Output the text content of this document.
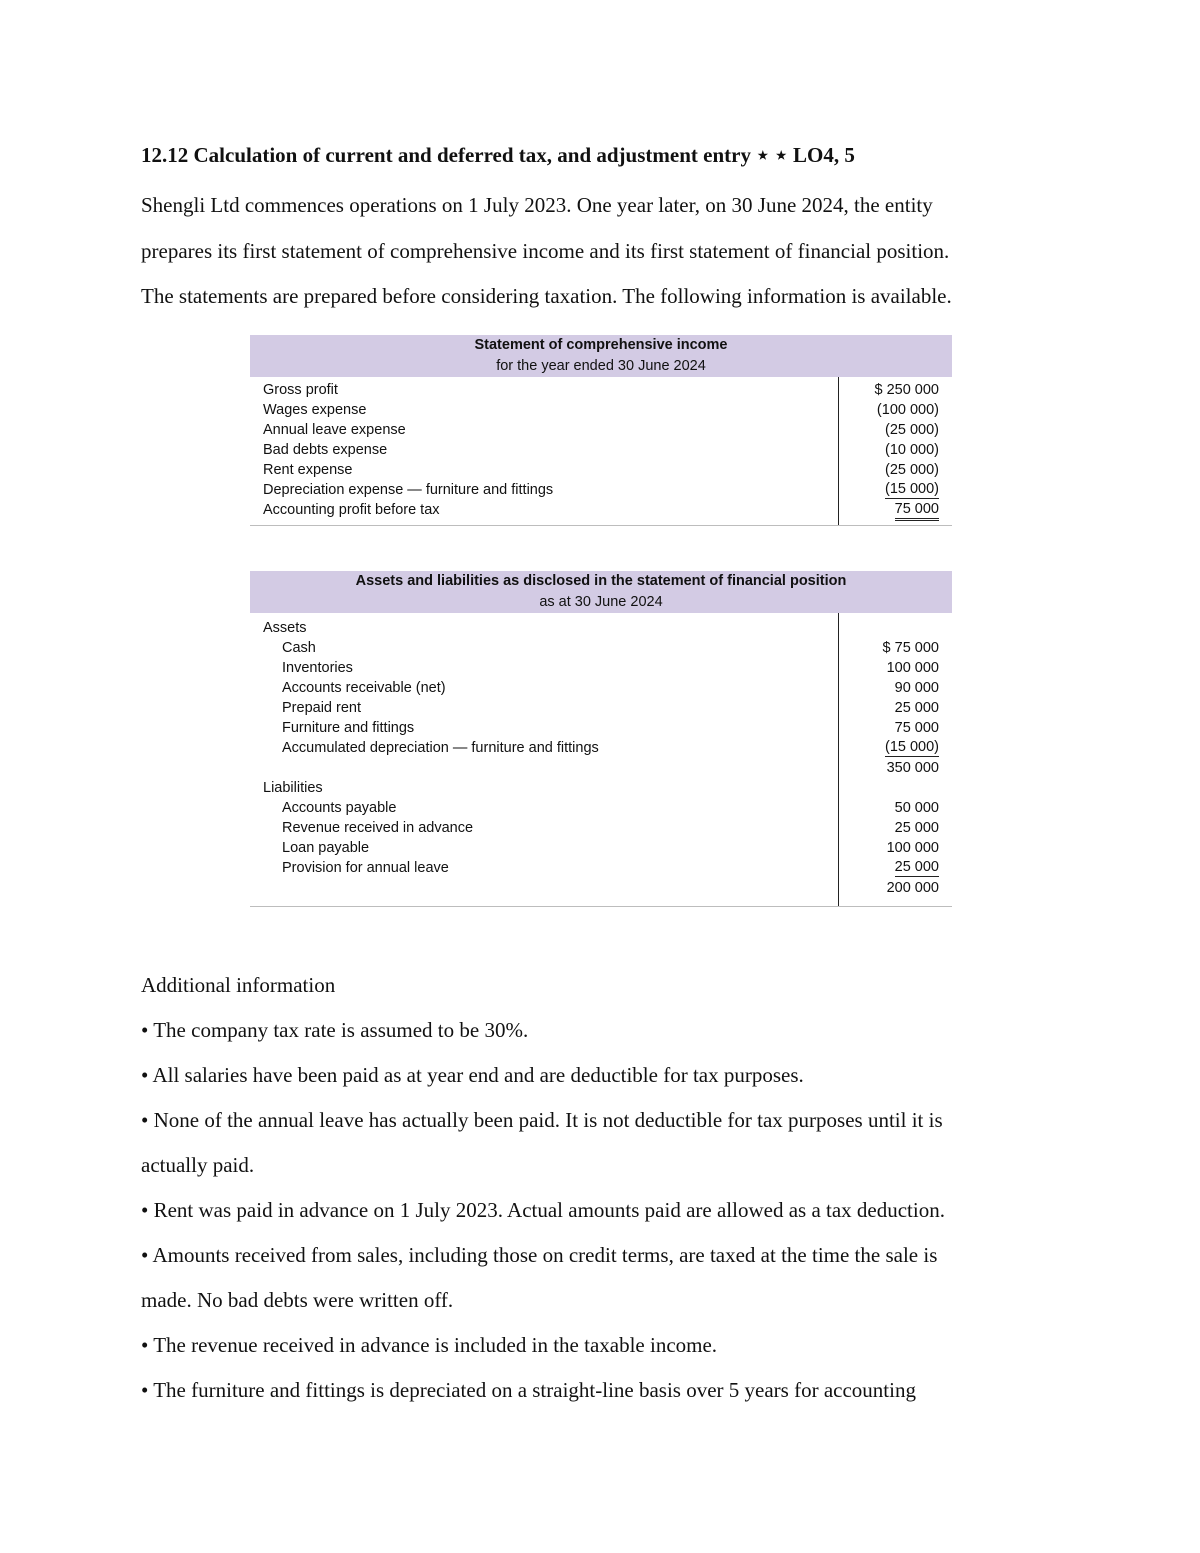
12.12 Calculation of current and deferred tax, and adjustment entry ⋆ ⋆ LO4, 5

Shengli Ltd commences operations on 1 July 2023. One year later, on 30 June 2024, the entity

prepares its first statement of comprehensive income and its first statement of financial position.

The statements are prepared before considering taxation. The following information is available.

Statement of comprehensive income
for the year ended 30 June 2024
Gross profit	$ 250 000
Wages expense	(100 000)
Annual leave expense	(25 000)
Bad debts expense	(10 000)
Rent expense	(25 000)
Depreciation expense — furniture and fittings	(15 000)
Accounting profit before tax	75 000
Assets and liabilities as disclosed in the statement of financial position
as at 30 June 2024
Assets
Cash	$ 75 000
Inventories	100 000
Accounts receivable (net)	90 000
Prepaid rent	25 000
Furniture and fittings	75 000
Accumulated depreciation — furniture and fittings	(15 000)
350 000
Liabilities
Accounts payable	50 000
Revenue received in advance	25 000
Loan payable	100 000
Provision for annual leave	25 000
200 000

Additional information

• The company tax rate is assumed to be 30%.

• All salaries have been paid as at year end and are deductible for tax purposes.

• None of the annual leave has actually been paid. It is not deductible for tax purposes until it is

actually paid.

• Rent was paid in advance on 1 July 2023. Actual amounts paid are allowed as a tax deduction.

• Amounts received from sales, including those on credit terms, are taxed at the time the sale is

made. No bad debts were written off.

• The revenue received in advance is included in the taxable income.

• The furniture and fittings is depreciated on a straight-line basis over 5 years for accounting
